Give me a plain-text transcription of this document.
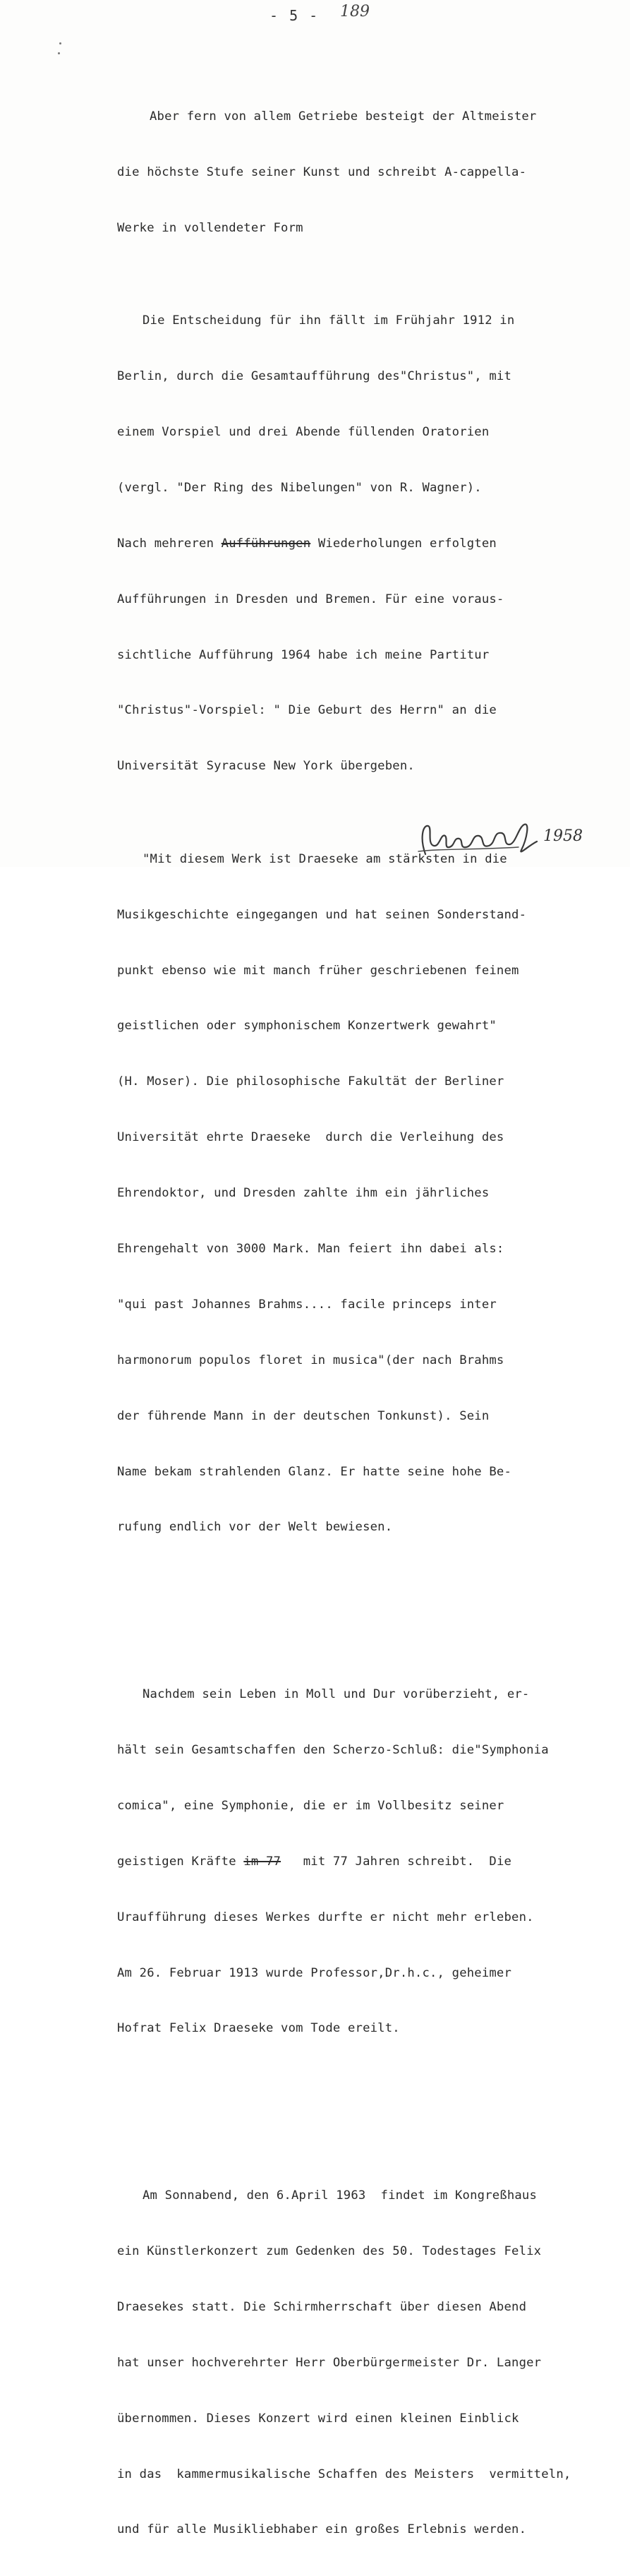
- 5 - 189

Aber fern von allem Getriebe besteigt der Altmeister

die höchste Stufe seiner Kunst und schreibt A-cappella-

Werke in vollendeter Form

Die Entscheidung für ihn fällt im Frühjahr 1912 in

Berlin, durch die Gesamtaufführung des"Christus", mit

einem Vorspiel und drei Abende füllenden Oratorien

(vergl. "Der Ring des Nibelungen" von R. Wagner).

Nach mehreren Aufführungen Wiederholungen erfolgten

Aufführungen in Dresden und Bremen. Für eine voraus-

sichtliche Aufführung 1964 habe ich meine Partitur

"Christus"-Vorspiel: " Die Geburt des Herrn" an die

Universität Syracuse New York übergeben.

"Mit diesem Werk ist Draeseke am stärksten in die

Musikgeschichte eingegangen und hat seinen Sonderstand-

punkt ebenso wie mit manch früher geschriebenen feinem

geistlichen oder symphonischem Konzertwerk gewahrt"

(H. Moser). Die philosophische Fakultät der Berliner

Universität ehrte Draeseke  durch die Verleihung des

Ehrendoktor, und Dresden zahlte ihm ein jährliches

Ehrengehalt von 3000 Mark. Man feiert ihn dabei als:

"qui past Johannes Brahms.... facile princeps inter

harmonorum populos floret in musica"(der nach Brahms

der führende Mann in der deutschen Tonkunst). Sein

Name bekam strahlenden Glanz. Er hatte seine hohe Be-

rufung endlich vor der Welt bewiesen.

Nachdem sein Leben in Moll und Dur vorüberzieht, er-

hält sein Gesamtschaffen den Scherzo-Schluß: die"Symphonia

comica", eine Symphonie, die er im Vollbesitz seiner

geistigen Kräfte im 77 mit 77 Jahren schreibt.  Die

Uraufführung dieses Werkes durfte er nicht mehr erleben.

Am 26. Februar 1913 wurde Professor,Dr.h.c., geheimer

Hofrat Felix Draeseke vom Tode ereilt.

Am Sonnabend, den 6.April 1963  findet im Kongreßhaus

ein Künstlerkonzert zum Gedenken des 50. Todestages Felix

Draesekes statt. Die Schirmherrschaft über diesen Abend

hat unser hochverehrter Herr Oberbürgermeister Dr. Langer

übernommen. Dieses Konzert wird einen kleinen Einblick

in das  kammermusikalische Schaffen des Meisters  vermitteln,

und für alle Musikliebhaber ein großes Erlebnis werden.

1958
